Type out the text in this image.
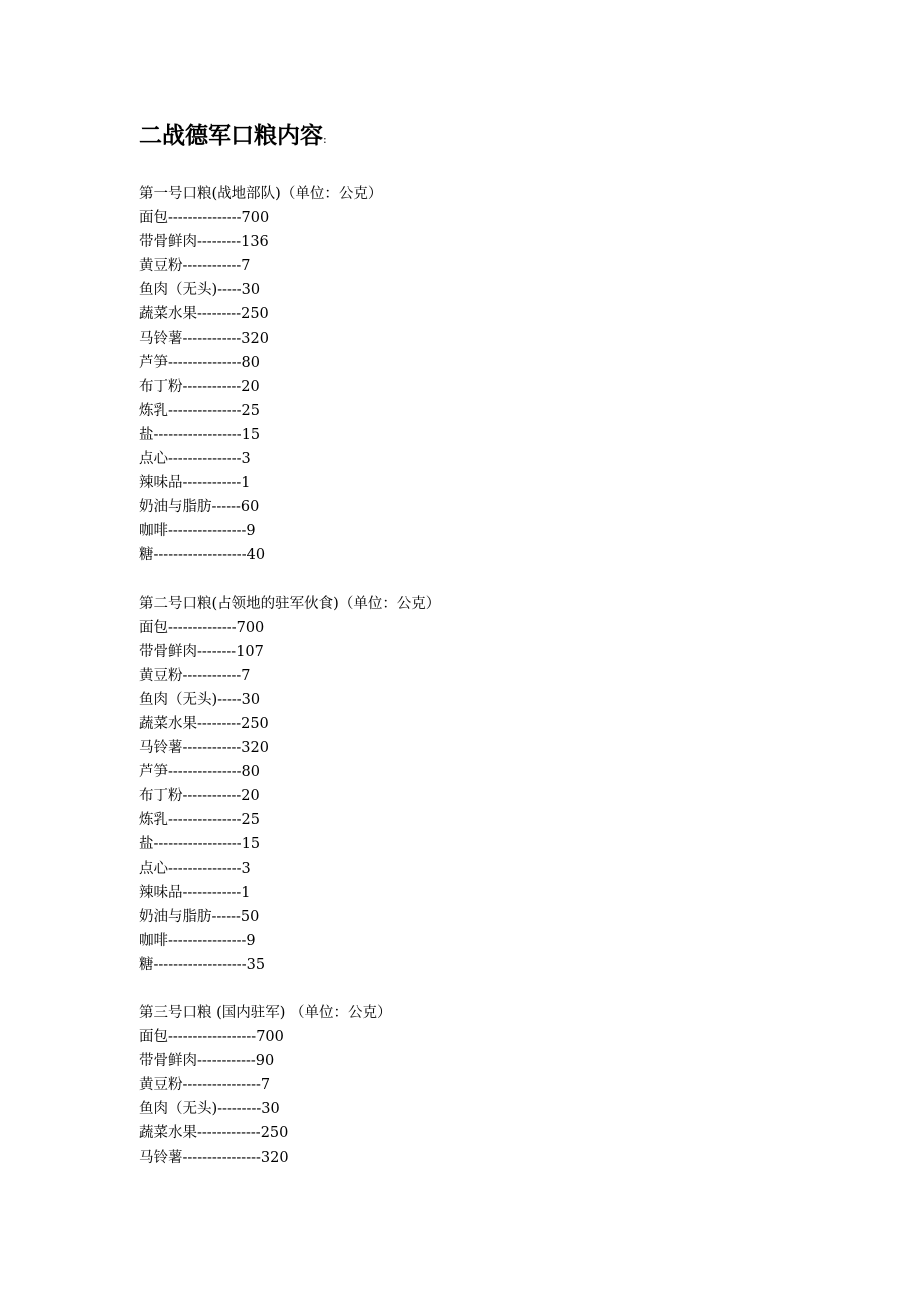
二战德军口粮内容:
第一号口粮(战地部队)（单位：公克）
面包---------------700
带骨鲜肉---------136
黄豆粉------------7
鱼肉（无头)-----30
蔬菜水果---------250
马铃薯------------320
芦笋---------------80
布丁粉------------20
炼乳---------------25
盐------------------15
点心---------------3
辣味品------------1
奶油与脂肪------60
咖啡----------------9
糖-------------------40
第二号口粮(占领地的驻军伙食)（单位：公克）
面包--------------700
带骨鲜肉--------107
黄豆粉------------7
鱼肉（无头)-----30
蔬菜水果---------250
马铃薯------------320
芦笋---------------80
布丁粉------------20
炼乳---------------25
盐------------------15
点心---------------3
辣味品------------1
奶油与脂肪------50
咖啡----------------9
糖-------------------35
第三号口粮 (国内驻军) （单位：公克）
面包------------------700
带骨鲜肉------------90
黄豆粉----------------7
鱼肉（无头)---------30
蔬菜水果-------------250
马铃薯----------------320
